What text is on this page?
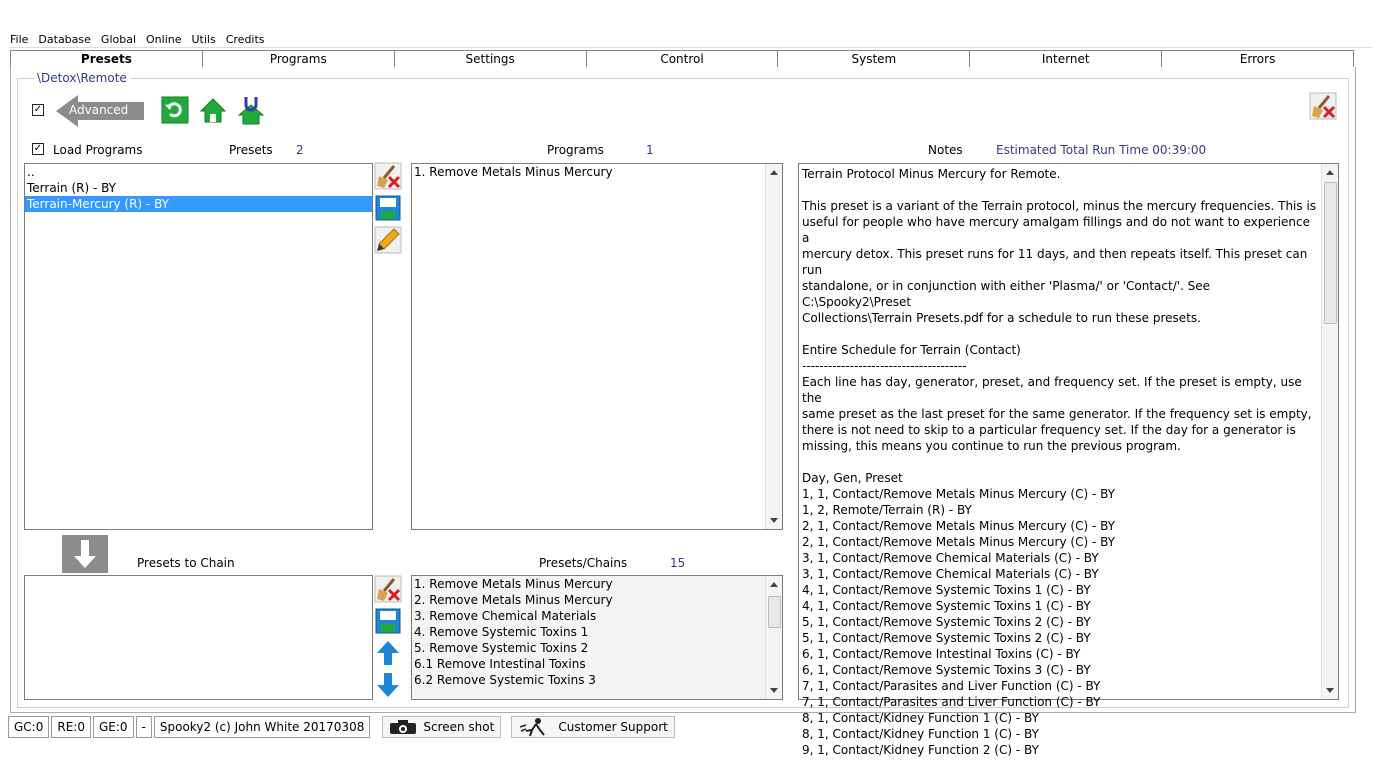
File Database Global Online Utils Credits
Presets	Programs	Settings	Control	System	Internet	Errors
\Detox\Remote
✓ Advanced
✓ Load Programs	Presets 2	Programs	1	Notes	Estimated Total Run Time 00:39:00
..
Terrain (R) - BY
Terrain-Mercury (R) - BY
1. Remove Metals Minus Mercury	Terrain Protocol Minus Mercury for Remote.
This preset is a variant of the Terrain protocol, minus the mercury frequencies. This is
useful for people who have mercury amalgam fillings and do not want to experience a
mercury detox. This preset runs for 11 days, and then repeats itself. This preset can run
standalone, or in conjunction with either 'Plasma/' or 'Contact/'. See C:\Spooky2\Preset
Collections\Terrain Presets.pdf for a schedule to run these presets.
Entire Schedule for Terrain (Contact)
--------------------------------------
Each line has day, generator, preset, and frequency set. If the preset is empty, use the
same preset as the last preset for the same generator. If the frequency set is empty,
there is not need to skip to a particular frequency set. If the day for a generator is
missing, this means you continue to run the previous program.
Day, Gen, Preset
1, 1, Contact/Remove Metals Minus Mercury (C) - BY
1, 2, Remote/Terrain (R) - BY
2, 1, Contact/Remove Metals Minus Mercury (C) - BY
2, 1, Contact/Remove Metals Minus Mercury (C) - BY
3, 1, Contact/Remove Chemical Materials (C) - BY
3, 1, Contact/Remove Chemical Materials (C) - BY
4, 1, Contact/Remove Systemic Toxins 1 (C) - BY
4, 1, Contact/Remove Systemic Toxins 1 (C) - BY
5, 1, Contact/Remove Systemic Toxins 2 (C) - BY
5, 1, Contact/Remove Systemic Toxins 2 (C) - BY
6, 1, Contact/Remove Intestinal Toxins (C) - BY
6, 1, Contact/Remove Systemic Toxins 3 (C) - BY
7, 1, Contact/Parasites and Liver Function (C) - BY
7, 1, Contact/Parasites and Liver Function (C) - BY
8, 1, Contact/Kidney Function 1 (C) - BY
8, 1, Contact/Kidney Function 1 (C) - BY
9, 1, Contact/Kidney Function 2 (C) - BY
Presets to Chain	Presets/Chains	15
1. Remove Metals Minus Mercury
2. Remove Metals Minus Mercury
3. Remove Chemical Materials
4. Remove Systemic Toxins 1
5. Remove Systemic Toxins 2
6.1 Remove Intestinal Toxins
6.2 Remove Systemic Toxins 3
GC:0	RE:0	GE:0	-	Spooky2 (c) John White 20170308	Screen shot	Customer Support
